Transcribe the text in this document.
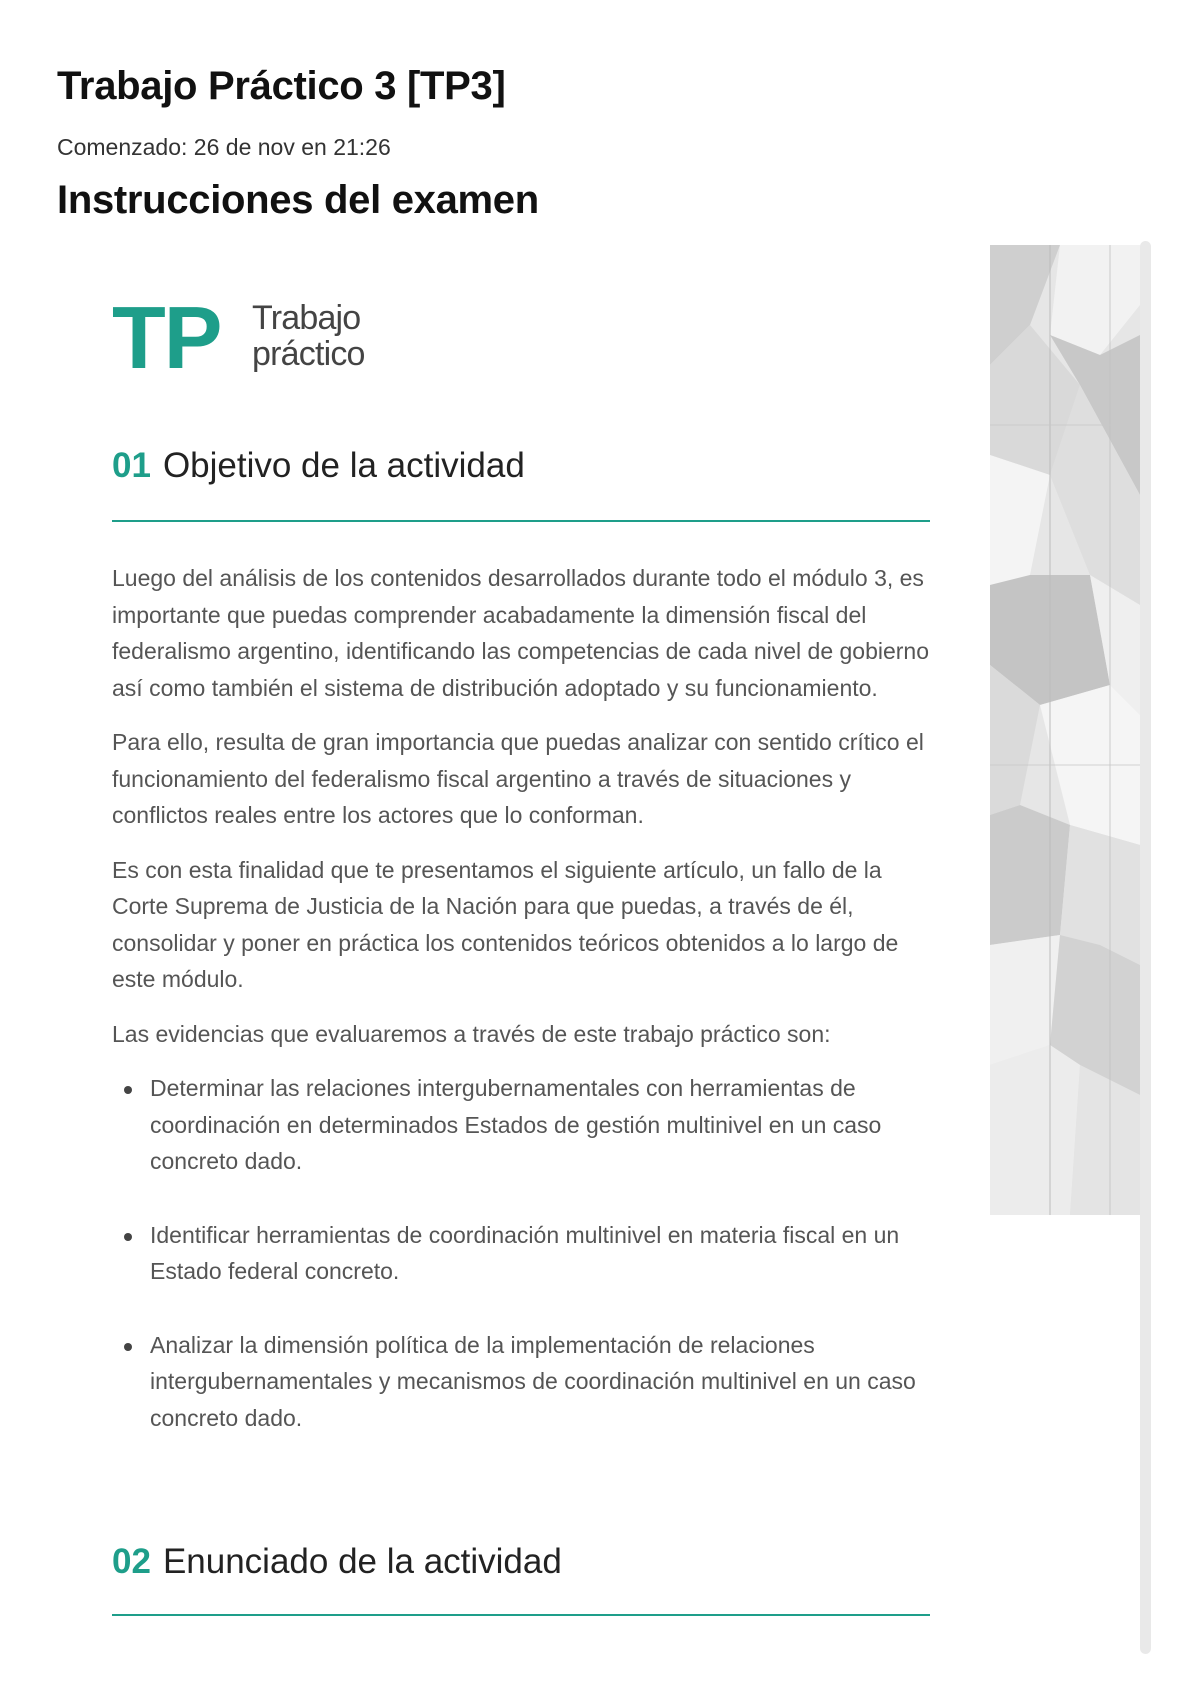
Trabajo Práctico 3 [TP3]
Comenzado: 26 de nov en 21:26
Instrucciones del examen
TP Trabajo
práctico
01 Objetivo de la actividad

Luego del análisis de los contenidos desarrollados durante todo el módulo 3, es importante que puedas comprender acabadamente la dimensión fiscal del federalismo argentino, identificando las competencias de cada nivel de gobierno así como también el sistema de distribución adoptado y su funcionamiento.

Para ello, resulta de gran importancia que puedas analizar con sentido crítico el funcionamiento del federalismo fiscal argentino a través de situaciones y conflictos reales entre los actores que lo conforman.

Es con esta finalidad que te presentamos el siguiente artículo, un fallo de la Corte Suprema de Justicia de la Nación para que puedas, a través de él, consolidar y poner en práctica los contenidos teóricos obtenidos a lo largo de este módulo.

Las evidencias que evaluaremos a través de este trabajo práctico son:

Determinar las relaciones intergubernamentales con herramientas de coordinación en determinados Estados de gestión multinivel en un caso concreto dado.
Identificar herramientas de coordinación multinivel en materia fiscal en un Estado federal concreto.
Analizar la dimensión política de la implementación de relaciones intergubernamentales y mecanismos de coordinación multinivel en un caso concreto dado.
02 Enunciado de la actividad
